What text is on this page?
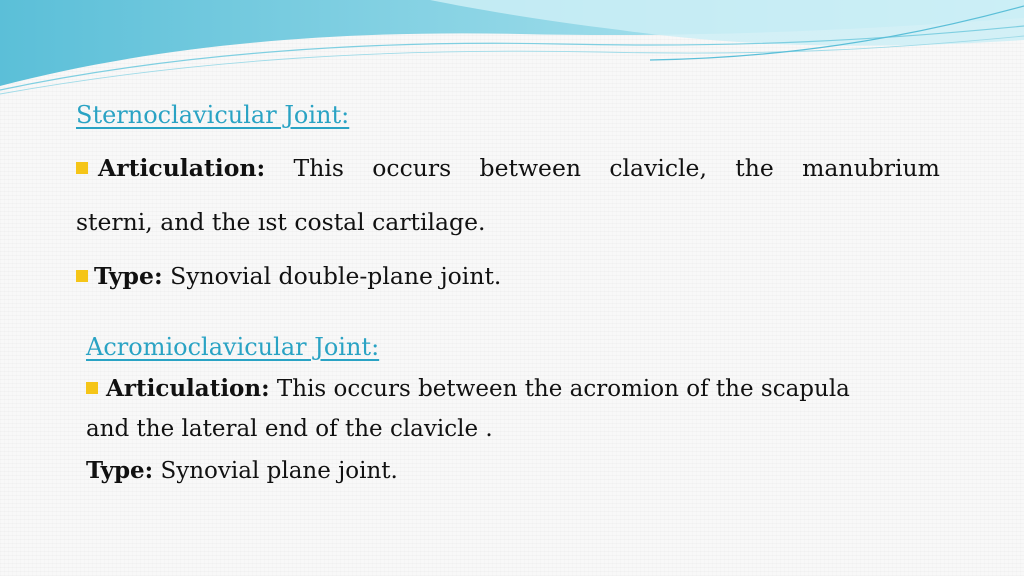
Sternoclavicular Joint:

Articulation: This occurs between clavicle, the manubrium

sterni, and the ıst costal cartilage.

Type: Synovial double-plane joint.

Acromioclavicular Joint:

Articulation: This occurs between the acromion of the scapula

and the lateral end of the clavicle .

Type: Synovial plane joint.
